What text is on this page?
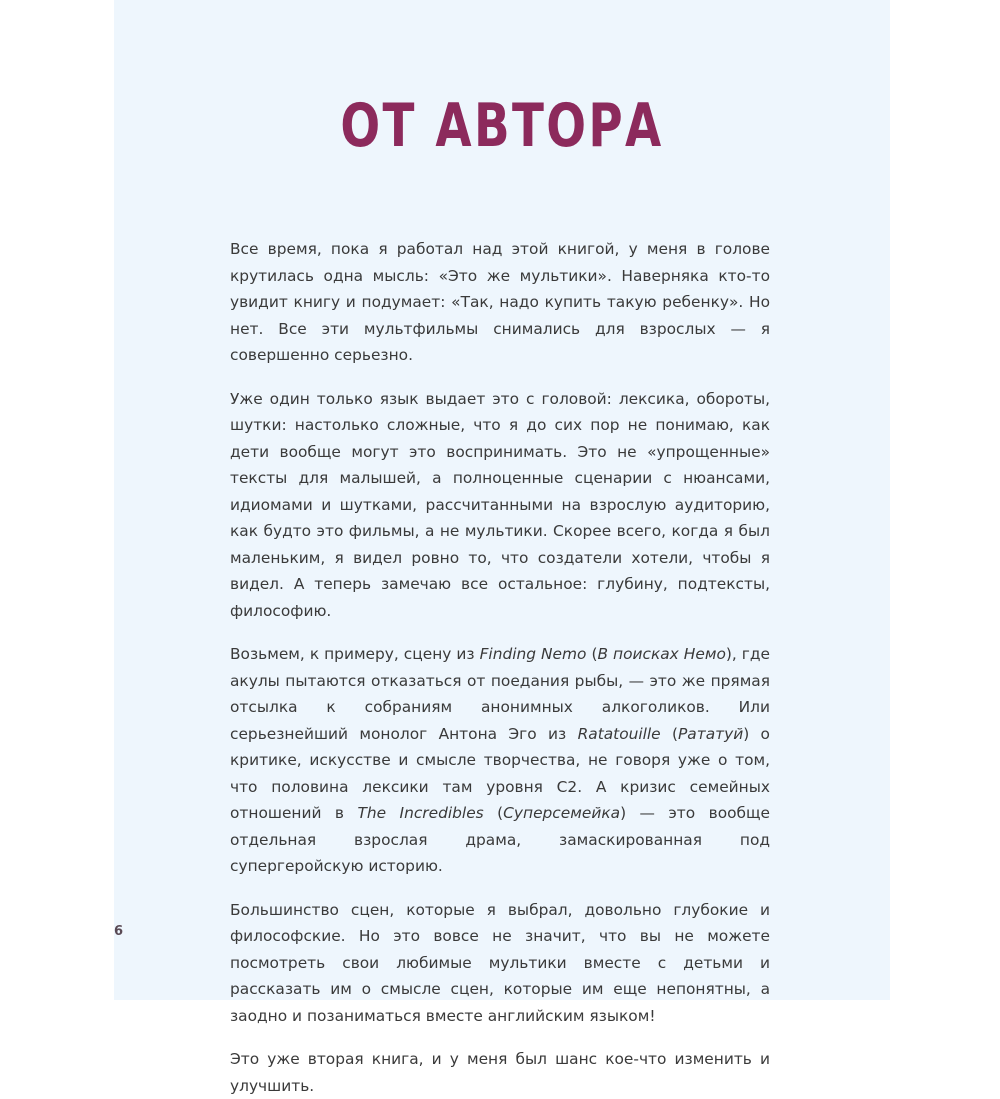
ОТ АВТОРА

Все время, пока я работал над этой книгой, у меня в голове крутилась одна мысль: «Это же мультики». Наверняка кто-то увидит книгу и подумает: «Так, надо купить такую ребенку». Но нет. Все эти мультфильмы снимались для взрослых — я совершенно серьезно.

Уже один только язык выдает это с головой: лексика, обороты, шутки: настолько сложные, что я до сих пор не понимаю, как дети вообще могут это воспринимать. Это не «упрощенные» тексты для малышей, а полноценные сценарии с нюансами, идиомами и шутками, рассчитанными на взрослую аудиторию, как будто это фильмы, а не мультики. Скорее всего, когда я был маленьким, я видел ровно то, что создатели хотели, чтобы я видел. А теперь замечаю все остальное: глубину, подтексты, философию.

Возьмем, к примеру, сцену из Finding Nemo (В поисках Немо), где акулы пытаются отказаться от поедания рыбы, — это же прямая отсылка к собраниям анонимных алкоголиков. Или серьезнейший монолог Антона Эго из Ratatouille (Рататуй) о критике, искусстве и смысле творчества, не говоря уже о том, что половина лексики там уровня C2. А кризис семейных отношений в The Incredibles (Суперсемейка) — это вообще отдельная взрослая драма, замаскированная под супергеройскую историю.

Большинство сцен, которые я выбрал, довольно глубокие и философские. Но это вовсе не значит, что вы не можете посмотреть свои любимые мультики вместе с детьми и рассказать им о смысле сцен, которые им еще непонятны, а заодно и позаниматься вместе английским языком!

Это уже вторая книга, и у меня был шанс кое-что изменить и улучшить.

6
